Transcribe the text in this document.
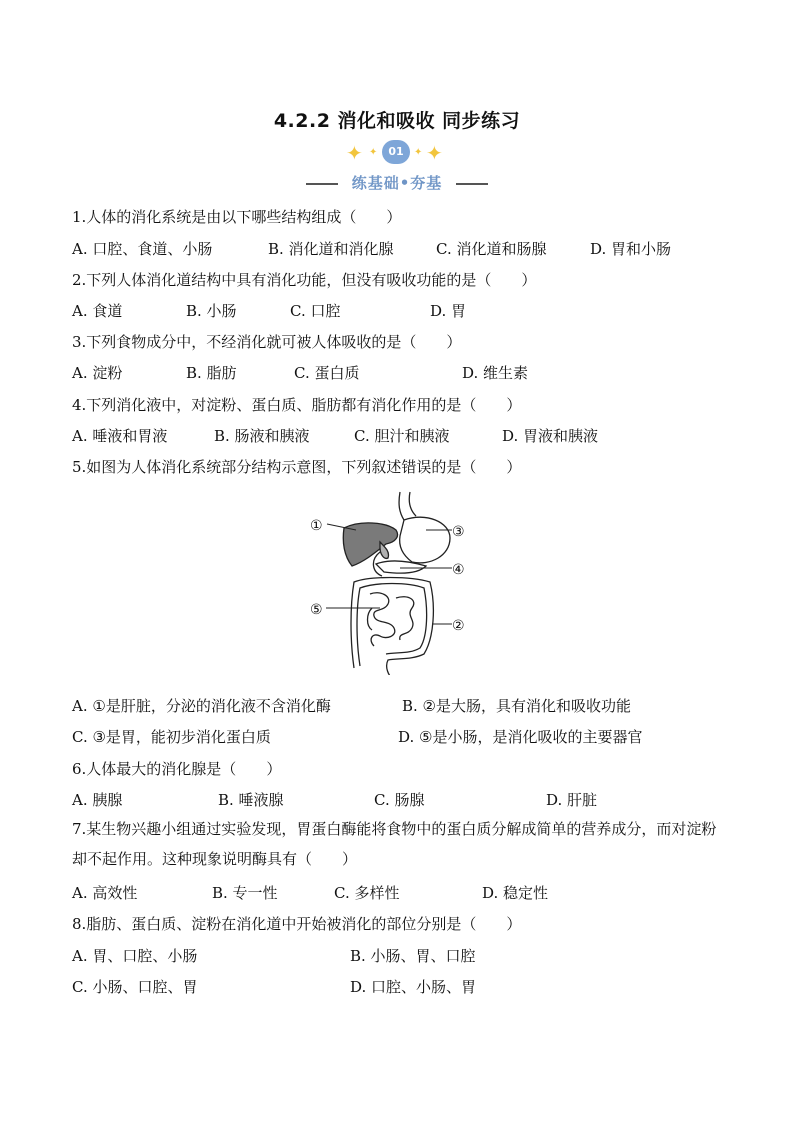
4.2.2 消化和吸收 同步练习
✦ ✦ 01	✦ ✦
练基础•夯基
1.人体的消化系统是由以下哪些结构组成（　　）
A. 口腔、食道、小肠	B. 消化道和消化腺	C. 消化道和肠腺	D. 胃和小肠
2.下列人体消化道结构中具有消化功能，但没有吸收功能的是（　　）
A. 食道	B. 小肠	C. 口腔	D. 胃
3.下列食物成分中，不经消化就可被人体吸收的是（　　）
A. 淀粉	B. 脂肪	C. 蛋白质	D. 维生素
4.下列消化液中，对淀粉、蛋白质、脂肪都有消化作用的是（　　）
A. 唾液和胃液	B. 肠液和胰液	C. 胆汁和胰液	D. 胃液和胰液
5.如图为人体消化系统部分结构示意图，下列叙述错误的是（　　）
①	③
④
⑤
②
A. ①是肝脏，分泌的消化液不含消化酶	B. ②是大肠，具有消化和吸收功能
C. ③是胃，能初步消化蛋白质	D. ⑤是小肠，是消化吸收的主要器官
6.人体最大的消化腺是（　　）
A. 胰腺	B. 唾液腺	C. 肠腺	D. 肝脏
7.某生物兴趣小组通过实验发现，胃蛋白酶能将食物中的蛋白质分解成简单的营养成分，而对淀粉却不起作用。这种现象说明酶具有（　　）
A. 高效性	B. 专一性	C. 多样性	D. 稳定性
8.脂肪、蛋白质、淀粉在消化道中开始被消化的部位分别是（　　）
A. 胃、口腔、小肠	B. 小肠、胃、口腔
C. 小肠、口腔、胃	D. 口腔、小肠、胃
